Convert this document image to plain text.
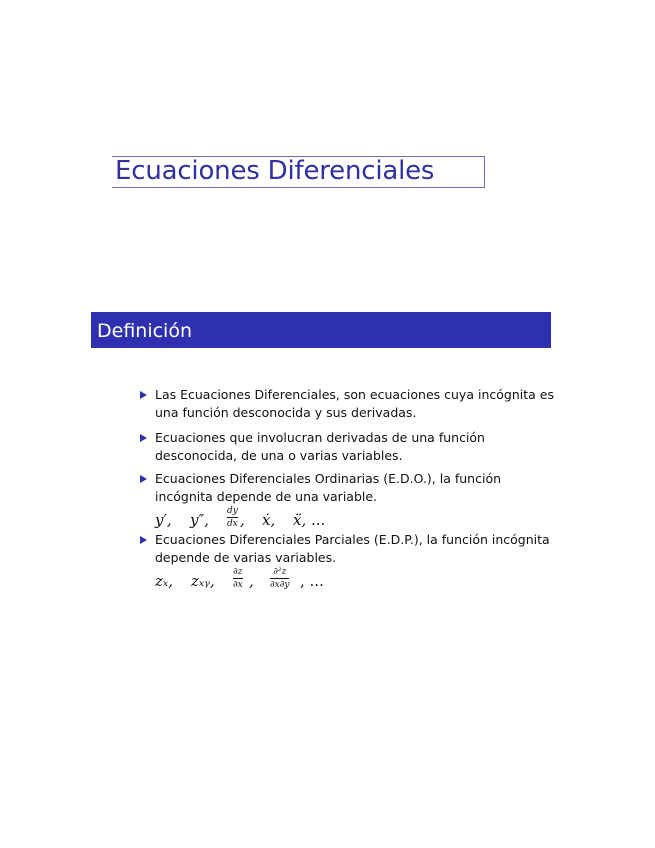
Ecuaciones Diferenciales
Definición
Las Ecuaciones Diferenciales, son ecuaciones cuya incógnita es una función desconocida y sus derivadas.
Ecuaciones que involucran derivadas de una función desconocida, de una o varias variables.
Ecuaciones Diferenciales Ordinarias (E.D.O.), la función incógnita depende de una variable.
y′, y″, dy
dx , ẋ, ẍ, ...
Ecuaciones Diferenciales Parciales (E.D.P.), la función incógnita depende de varias variables.
zₓ, zₓᵧ, ∂z
∂x ,	∂²z
∂x∂y , ...
